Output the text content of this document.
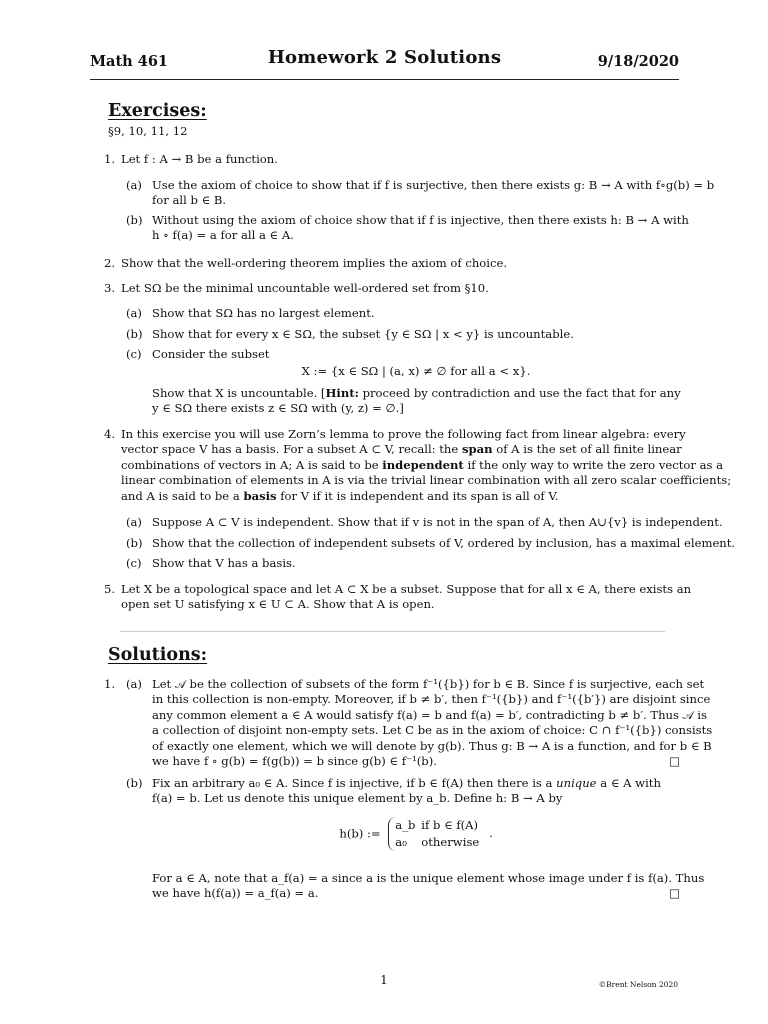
Math 461	Homework 2 Solutions	9/18/2020
Exercises:
§9, 10, 11, 12
1. Let f : A → B be a function.
(a) Use the axiom of choice to show that if f is surjective, then there exists g: B → A with f∘g(b) = b
for all b ∈ B.
(b) Without using the axiom of choice show that if f is injective, then there exists h: B → A with
h ∘ f(a) = a for all a ∈ A.
2. Show that the well-ordering theorem implies the axiom of choice.
3. Let SΩ be the minimal uncountable well-ordered set from §10.
(a) Show that SΩ has no largest element.
(b) Show that for every x ∈ SΩ, the subset {y ∈ SΩ | x < y} is uncountable.
(c) Consider the subset
X := {x ∈ SΩ | (a, x) ≠ ∅ for all a < x}.
Show that X is uncountable. [Hint: proceed by contradiction and use the fact that for any
y ∈ SΩ there exists z ∈ SΩ with (y, z) = ∅.]
4. In this exercise you will use Zorn’s lemma to prove the following fact from linear algebra: every
vector space V has a basis. For a subset A ⊂ V, recall: the span of A is the set of all finite linear
combinations of vectors in A; A is said to be independent if the only way to write the zero vector as a
linear combination of elements in A is via the trivial linear combination with all zero scalar coefficients;
and A is said to be a basis for V if it is independent and its span is all of V.
(a) Suppose A ⊂ V is independent. Show that if v is not in the span of A, then A∪{v} is independent.
(b) Show that the collection of independent subsets of V, ordered by inclusion, has a maximal element.
(c) Show that V has a basis.
5. Let X be a topological space and let A ⊂ X be a subset. Suppose that for all x ∈ A, there exists an
open set U satisfying x ∈ U ⊂ A. Show that A is open.
Solutions:
1. (a) Let 𝒜 be the collection of subsets of the form f⁻¹({b}) for b ∈ B. Since f is surjective, each set
in this collection is non-empty. Moreover, if b ≠ b′, then f⁻¹({b}) and f⁻¹({b′}) are disjoint since
any common element a ∈ A would satisfy f(a) = b and f(a) = b′, contradicting b ≠ b′. Thus 𝒜 is
a collection of disjoint non-empty sets. Let C be as in the axiom of choice: C ∩ f⁻¹({b}) consists
of exactly one element, which we will denote by g(b). Thus g: B → A is a function, and for b ∈ B
we have f ∘ g(b) = f(g(b)) = b since g(b) ∈ f⁻¹(b).	□
(b) Fix an arbitrary a₀ ∈ A. Since f is injective, if b ∈ f(A) then there is a unique a ∈ A with
f(a) = b. Let us denote this unique element by a_b. Define h: B → A by
h(b) :=
a_b if b ∈ f(A)
a₀ otherwise
.
For a ∈ A, note that a_f(a) = a since a is the unique element whose image under f is f(a). Thus
we have h(f(a)) = a_f(a) = a.	□
1	©Brent Nelson 2020
